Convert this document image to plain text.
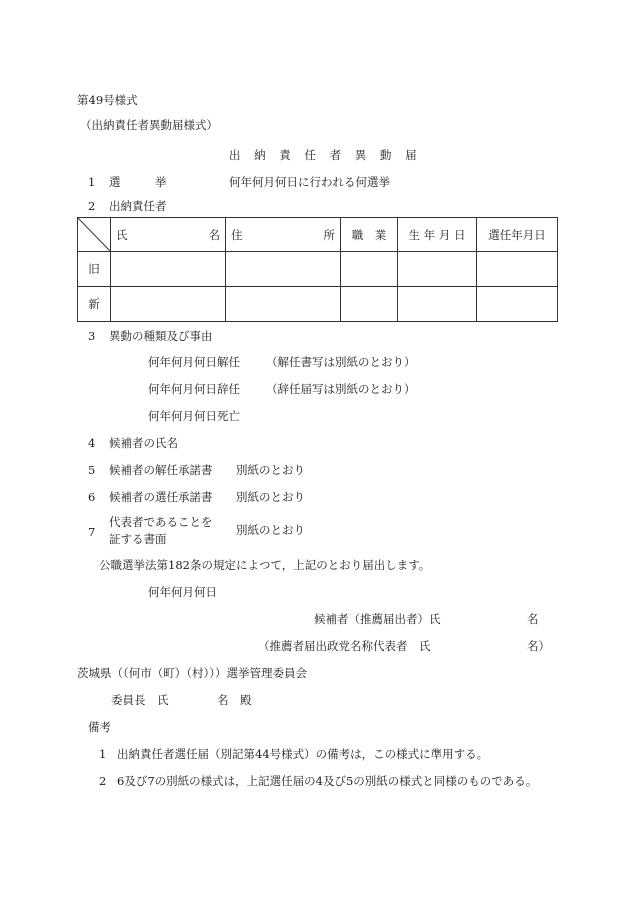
第49号様式
（出納責任者異動届様式）
出 納 責 任 者 異 動 届
1 選　　　挙	何年何月何日に行われる何選挙
2 出納責任者

氏 名	住 所	職　業	生 年 月 日	選任年月日
旧					
新					
3 異動の種類及び事由
何年何月何日解任 （解任書写は別紙のとおり）
何年何月何日辞任 （辞任届写は別紙のとおり）
何年何月何日死亡
4 候補者の氏名
5 候補者の解任承諾書 別紙のとおり
6 候補者の選任承諾書 別紙のとおり
7
代表者であることを
証する書面
別紙のとおり
公職選挙法第182条の規定によつて，上記のとおり届出します。
何年何月何日
候補者（推薦届出者）氏	名
（推薦者届出政党名称代表者　氏	名）
茨城県（（何市（町）（村）））選挙管理委員会
委員長　氏	名　殿
備考
1 出納責任者選任届（別記第44号様式）の備考は，この様式に準用する。
2 6及び7の別紙の様式は，上記選任届の4及び5の別紙の様式と同様のものである。
